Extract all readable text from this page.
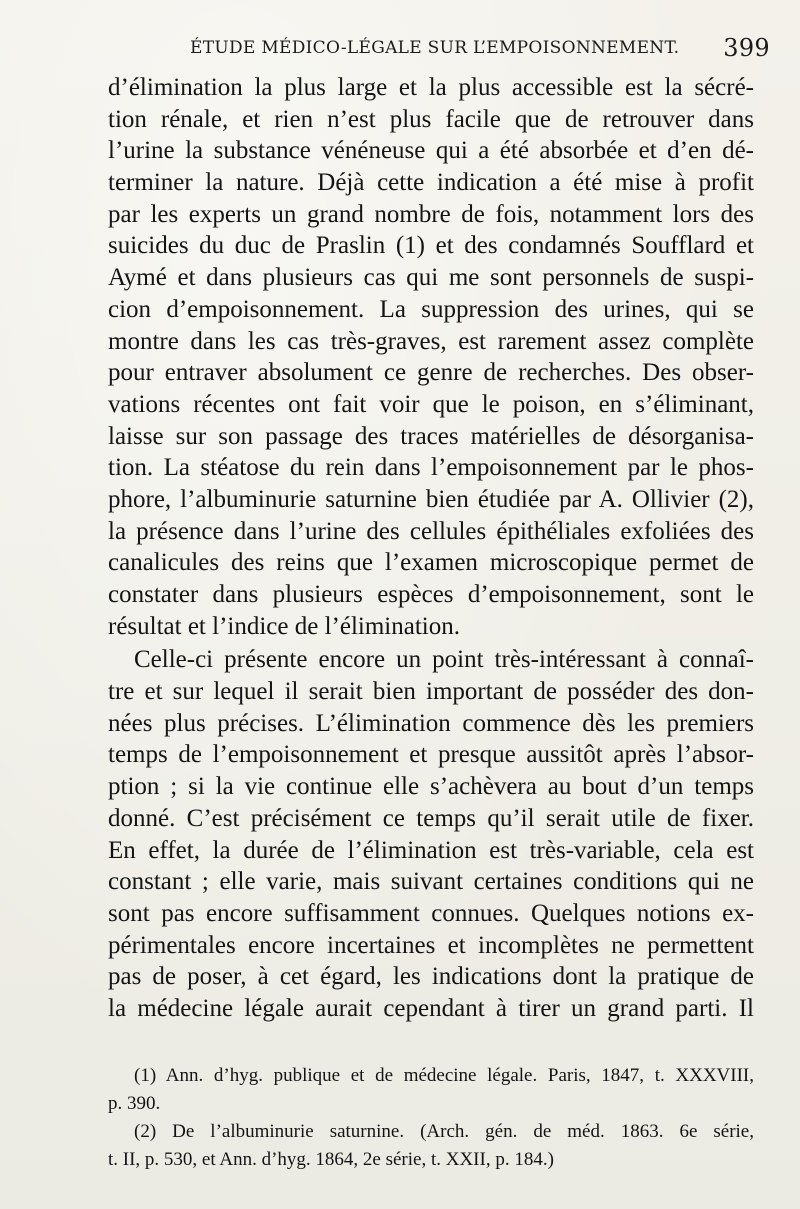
ÉTUDE MÉDICO-LÉGALE SUR L’EMPOISONNEMENT. 399
d’élimination la plus large et la plus accessible est la sécré-
tion rénale, et rien n’est plus facile que de retrouver dans
l’urine la substance vénéneuse qui a été absorbée et d’en dé-
terminer la nature. Déjà cette indication a été mise à profit
par les experts un grand nombre de fois, notamment lors des
suicides du duc de Praslin (1) et des condamnés Soufflard et
Aymé et dans plusieurs cas qui me sont personnels de suspi-
cion d’empoisonnement. La suppression des urines, qui se
montre dans les cas très-graves, est rarement assez complète
pour entraver absolument ce genre de recherches. Des obser-
vations récentes ont fait voir que le poison, en s’éliminant,
laisse sur son passage des traces matérielles de désorganisa-
tion. La stéatose du rein dans l’empoisonnement par le phos-
phore, l’albuminurie saturnine bien étudiée par A. Ollivier (2),
la présence dans l’urine des cellules épithéliales exfoliées des
canalicules des reins que l’examen microscopique permet de
constater dans plusieurs espèces d’empoisonnement, sont le
résultat et l’indice de l’élimination.
Celle-ci présente encore un point très-intéressant à connaî-
tre et sur lequel il serait bien important de posséder des don-
nées plus précises. L’élimination commence dès les premiers
temps de l’empoisonnement et presque aussitôt après l’absor-
ption ; si la vie continue elle s’achèvera au bout d’un temps
donné. C’est précisément ce temps qu’il serait utile de fixer.
En effet, la durée de l’élimination est très-variable, cela est
constant ; elle varie, mais suivant certaines conditions qui ne
sont pas encore suffisamment connues. Quelques notions ex-
périmentales encore incertaines et incomplètes ne permettent
pas de poser, à cet égard, les indications dont la pratique de
la médecine légale aurait cependant à tirer un grand parti. Il
(1) Ann. d’hyg. publique et de médecine légale. Paris, 1847, t. XXXVIII,
p. 390.
(2) De l’albuminurie saturnine. (Arch. gén. de méd. 1863. 6e série,
t. II, p. 530, et Ann. d’hyg. 1864, 2e série, t. XXII, p. 184.)
